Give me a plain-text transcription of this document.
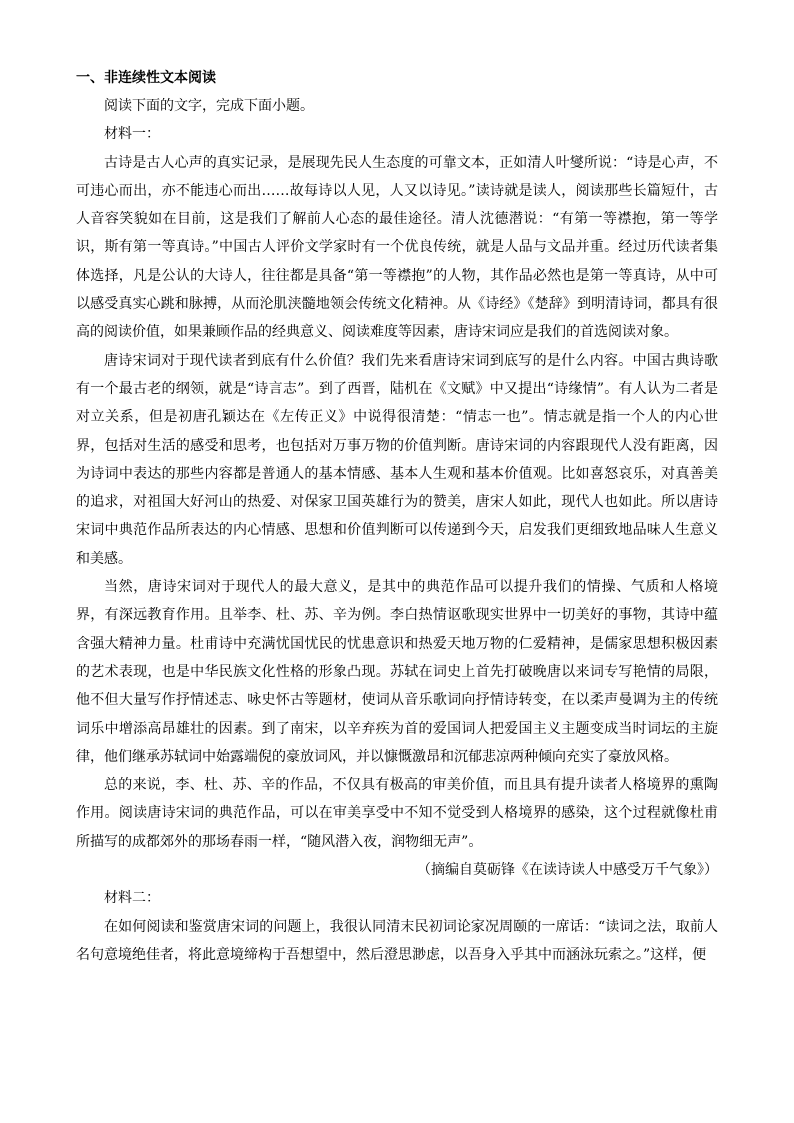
一、非连续性文本阅读

阅读下面的文字，完成下面小题。

材料一：

古诗是古人心声的真实记录，是展现先民人生态度的可靠文本，正如清人叶燮所说：“诗是心声，不可违心而出，亦不能违心而出……故每诗以人见，人又以诗见。”读诗就是读人，阅读那些长篇短什，古人音容笑貌如在目前，这是我们了解前人心态的最佳途径。清人沈德潜说：“有第一等襟抱，第一等学识，斯有第一等真诗。”中国古人评价文学家时有一个优良传统，就是人品与文品并重。经过历代读者集体选择，凡是公认的大诗人，往往都是具备“第一等襟抱”的人物，其作品必然也是第一等真诗，从中可以感受真实心跳和脉搏，从而沦肌浃髓地领会传统文化精神。从《诗经》《楚辞》到明清诗词，都具有很高的阅读价值，如果兼顾作品的经典意义、阅读难度等因素，唐诗宋词应是我们的首选阅读对象。

唐诗宋词对于现代读者到底有什么价值？我们先来看唐诗宋词到底写的是什么内容。中国古典诗歌有一个最古老的纲领，就是“诗言志”。到了西晋，陆机在《文赋》中又提出“诗缘情”。有人认为二者是对立关系，但是初唐孔颖达在《左传正义》中说得很清楚：“情志一也”。情志就是指一个人的内心世界，包括对生活的感受和思考，也包括对万事万物的价值判断。唐诗宋词的内容跟现代人没有距离，因为诗词中表达的那些内容都是普通人的基本情感、基本人生观和基本价值观。比如喜怒哀乐，对真善美的追求，对祖国大好河山的热爱、对保家卫国英雄行为的赞美，唐宋人如此，现代人也如此。所以唐诗宋词中典范作品所表达的内心情感、思想和价值判断可以传递到今天，启发我们更细致地品味人生意义和美感。

当然，唐诗宋词对于现代人的最大意义，是其中的典范作品可以提升我们的情操、气质和人格境界，有深远教育作用。且举李、杜、苏、辛为例。李白热情讴歌现实世界中一切美好的事物，其诗中蕴含强大精神力量。杜甫诗中充满忧国忧民的忧患意识和热爱天地万物的仁爱精神，是儒家思想积极因素的艺术表现，也是中华民族文化性格的形象凸现。苏轼在词史上首先打破晚唐以来词专写艳情的局限，他不但大量写作抒情述志、咏史怀古等题材，使词从音乐歌词向抒情诗转变，在以柔声曼调为主的传统词乐中增添高昂雄壮的因素。到了南宋，以辛弃疾为首的爱国词人把爱国主义主题变成当时词坛的主旋律，他们继承苏轼词中始露端倪的豪放词风，并以慷慨激昂和沉郁悲凉两种倾向充实了豪放风格。

总的来说，李、杜、苏、辛的作品，不仅具有极高的审美价值，而且具有提升读者人格境界的熏陶作用。阅读唐诗宋词的典范作品，可以在审美享受中不知不觉受到人格境界的感染，这个过程就像杜甫所描写的成都郊外的那场春雨一样，“随风潜入夜，润物细无声”。

（摘编自莫砺锋《在读诗读人中感受万千气象》）

材料二：

在如何阅读和鉴赏唐宋词的问题上，我很认同清末民初词论家况周颐的一席话：“读词之法，取前人名句意境绝佳者，将此意境缔构于吾想望中，然后澄思渺虑，以吾身入乎其中而涵泳玩索之。”这样，便
